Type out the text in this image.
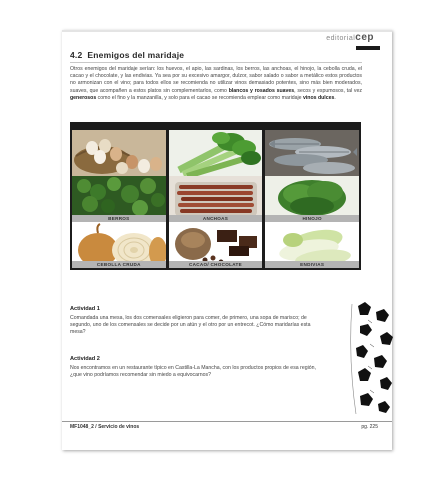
editorialcep
4.2 Enemigos del maridaje

Otros enemigos del maridaje serían: los huevos, el apio, las sardinas, los berros, las anchoas, el hinojo, la cebolla cruda, el cacao y el chocolate, y las endivias. Ya sea por su excesivo amargor, dulzor, sabor salado o sabor a metálico estos productos no armonizan con el vino; para todos ellos se recomienda no utilizar vinos demasiado potentes, sino más bien moderados, suaves, que acompañen a estos platos sin complementarlos, como blancos y rosados suaves, secos y espumosos, tal vez generosos como el fino y la manzanilla, y solo para el cacao se recomienda emplear como maridaje vinos dulces.

BERROS	ANCHOAS	HINOJO
CEBOLLA CRUDA	CACAO/ CHOCOLATE	ENDIVIAS

Actividad 1

Comandada una mesa, los dos comensales eligieron para comer, de primero, una sopa de marisco; de segundo, uno de los comensales se decide por un atún y el otro por un entrecot. ¿Cómo maridarías esta mesa?

Actividad 2

Nos encontramos en un restaurante típico en Castilla-La Mancha, con los productos propios de esa región, ¿que vino podríamos recomendar sin miedo a equivocarnos?

MF1048_2 / Servicio de vinos	pg. 225
